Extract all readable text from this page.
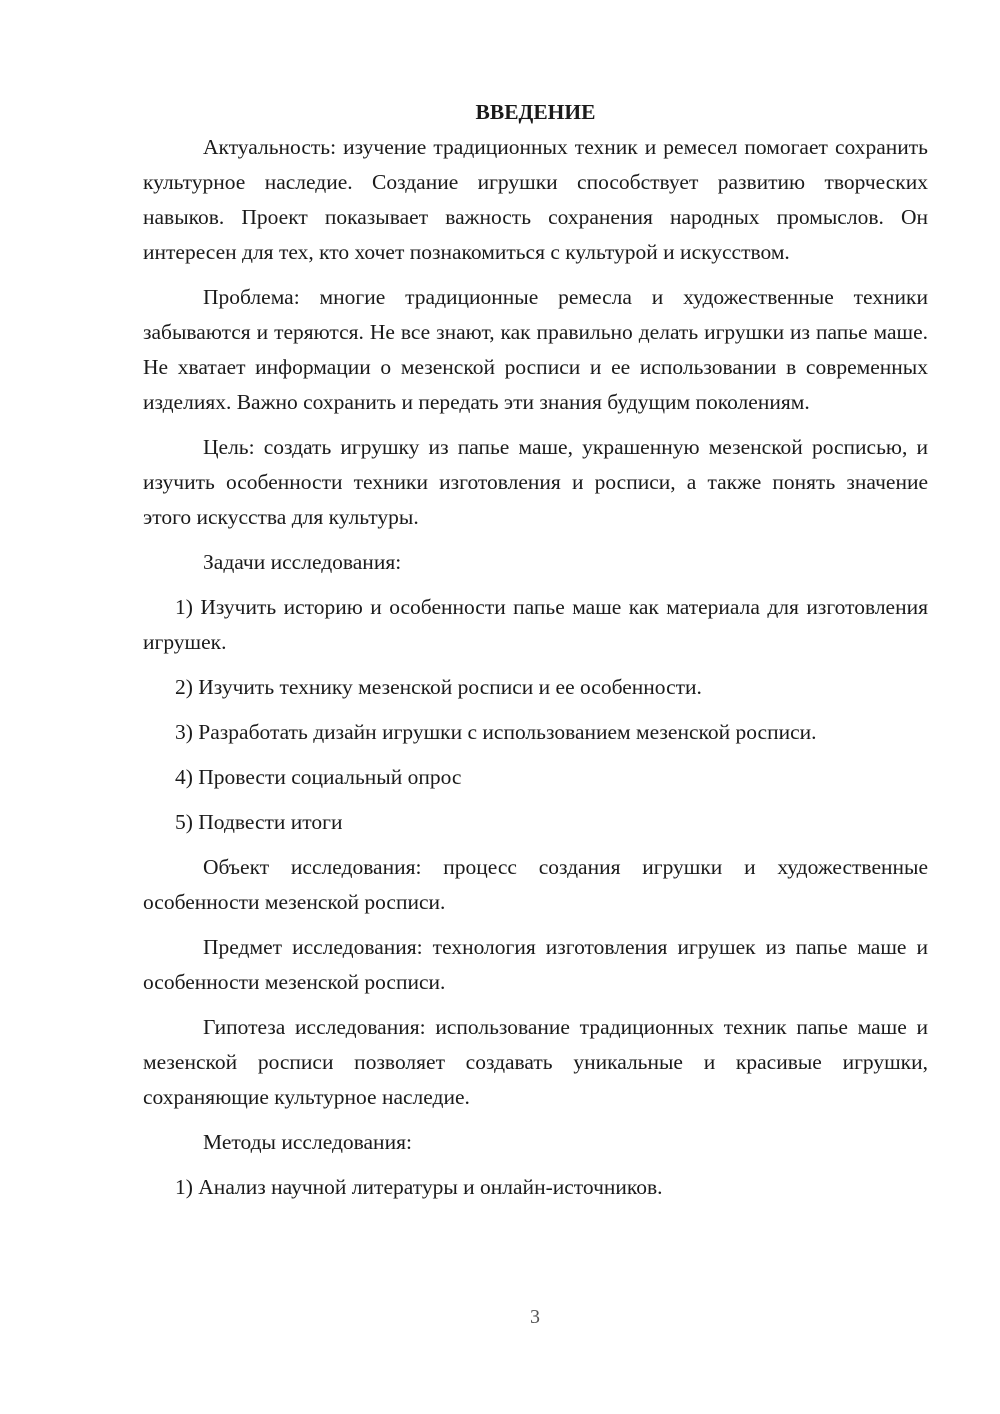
ВВЕДЕНИЕ

Актуальность: изучение традиционных техник и ремесел помогает сохранить культурное наследие. Создание игрушки способствует развитию творческих навыков. Проект показывает важность сохранения народных промыслов. Он интересен для тех, кто хочет познакомиться с культурой и искусством.

Проблема: многие традиционные ремесла и художественные техники забываются и теряются. Не все знают, как правильно делать игрушки из папье маше. Не хватает информации о мезенской росписи и ее использовании в современных изделиях. Важно сохранить и передать эти знания будущим поколениям.

Цель: создать игрушку из папье маше, украшенную мезенской росписью, и изучить особенности техники изготовления и росписи, а также понять значение этого искусства для культуры.

Задачи исследования:

1) Изучить историю и особенности папье маше как материала для изготовления игрушек.

2) Изучить технику мезенской росписи и ее особенности.

3) Разработать дизайн игрушки с использованием мезенской росписи.

4) Провести социальный опрос

5) Подвести итоги

Объект исследования: процесс создания игрушки и художественные особенности мезенской росписи.

Предмет исследования: технология изготовления игрушек из папье маше и особенности мезенской росписи.

Гипотеза исследования: использование традиционных техник папье маше и мезенской росписи позволяет создавать уникальные и красивые игрушки, сохраняющие культурное наследие.

Методы исследования:

1) Анализ научной литературы и онлайн-источников.

3
